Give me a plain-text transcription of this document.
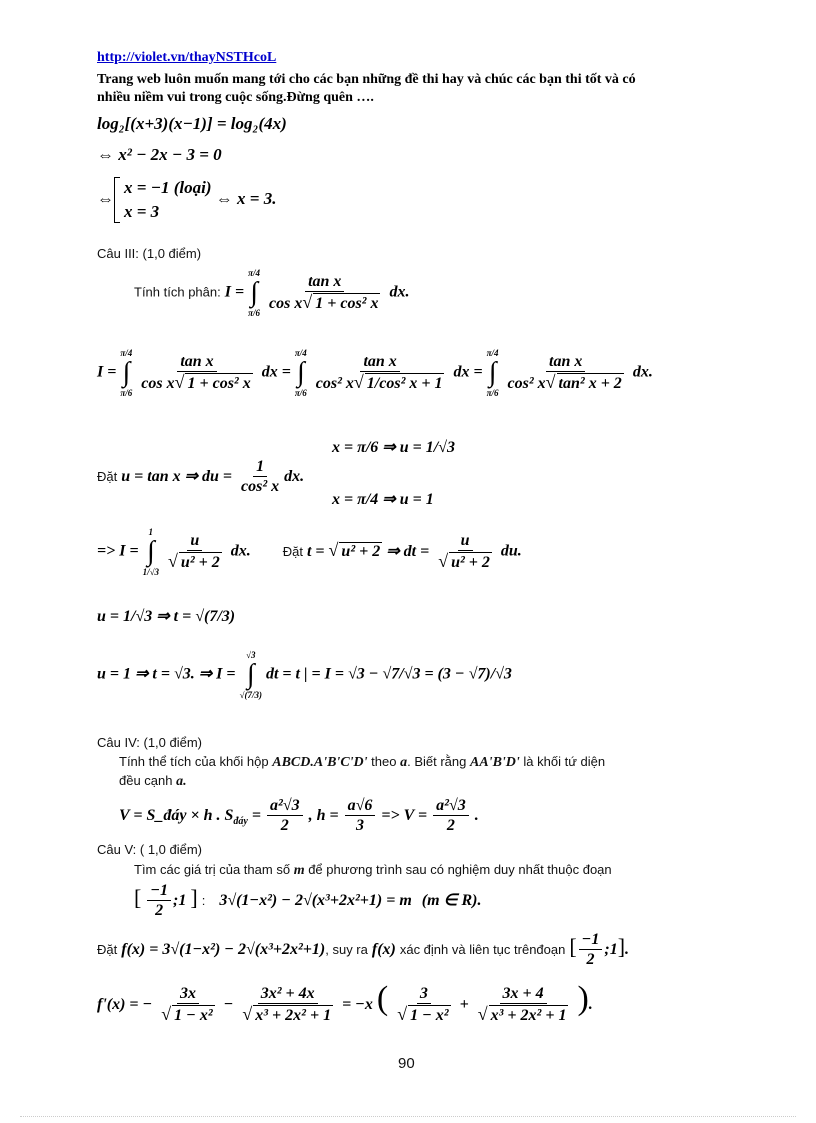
http://violet.vn/thayNSTHcoL
Trang web luôn muốn mang tới cho các bạn những đề thi hay và chúc các bạn thi tốt và có
nhiều niềm vui trong cuộc sống.Đừng quên ….
log₂[(x+3)(x−1)] = log₂(4x)
⇔ x² − 2x − 3 = 0
⇔
x = −1 (loại)
x = 3
⇔ x = 3.
Câu III: (1,0 điểm)
Tính tích phân: I =
π/4
∫
π/6
$\frac{\text{tan x}}{\text{cos x√ 1 + cos² x}}$ dx.
I =
π/4
∫
π/6
$\frac{\text{tan x}}{\text{cos x√ 1 + cos² x}}$ dx =
π/4
∫
π/6
$\frac{\text{tan x}}{\text{cos² x√ 1/cos² x + 1}}$ dx =
π/4
∫
π/6
$\frac{\text{tan x}}{\text{cos² x√ tan² x + 2}}$ dx.
x = π/6 ⇒ u = 1/√3
Đặt u = tan x ⇒ du = $\frac{1}{\text{cos² x}}$ dx.
x = π/4 ⇒ u = 1
=> I =
1
∫
1/√3
$\frac{u}{\text{√ u² + 2}}$ dx. Đặt t = √ u² + 2 ⇒ dt = $\frac{u}{\text{√ u² + 2}}$ du.
u = 1/√3 ⇒ t = √(7/3)
u = 1 ⇒ t = √3. ⇒ I =
√3
∫
√(7/3)
dt = t | = I = √3 − √7/√3 = (3 − √7)/√3
Câu IV: (1,0 điểm)
Tính thể tích của khối hộp ABCD.A'B'C'D' theo a. Biết rằng AA'B'D' là khối tứ diện
đều cạnh a.
V = S_đáy × h . $S_{đáy} = \frac{\text{a²√3}}{2}$ , $h = \frac{a√6}{3} => V = \frac{\text{a²√3}}{2}$ .
Câu V: ( 1,0 điểm)
Tìm các giá trị của tham số m để phương trình sau có nghiệm duy nhất thuộc đoạn
[ $\frac{-1}{2}$ ;1 ] : 3√(1−x²) − 2√(x³+2x²+1) = m (m ∈ R).
Đặt f(x) = 3√(1−x²) − 2√(x³+2x²+1), suy ra f(x) xác định và liên tục trênđoạn [ $\frac{-1}{2}$ ;1].
f'(x) = − $\frac{3x}{\text{√ 1 − x²}} - \frac{\text{3x² + 4x}}{\text{√ x³ + 2x² + 1}} = -x$ ( $\frac{3}{\text{√ 1 − x²}} + \frac{3x + 4}{\text{√ x³ + 2x² + 1}}$ ).
90
